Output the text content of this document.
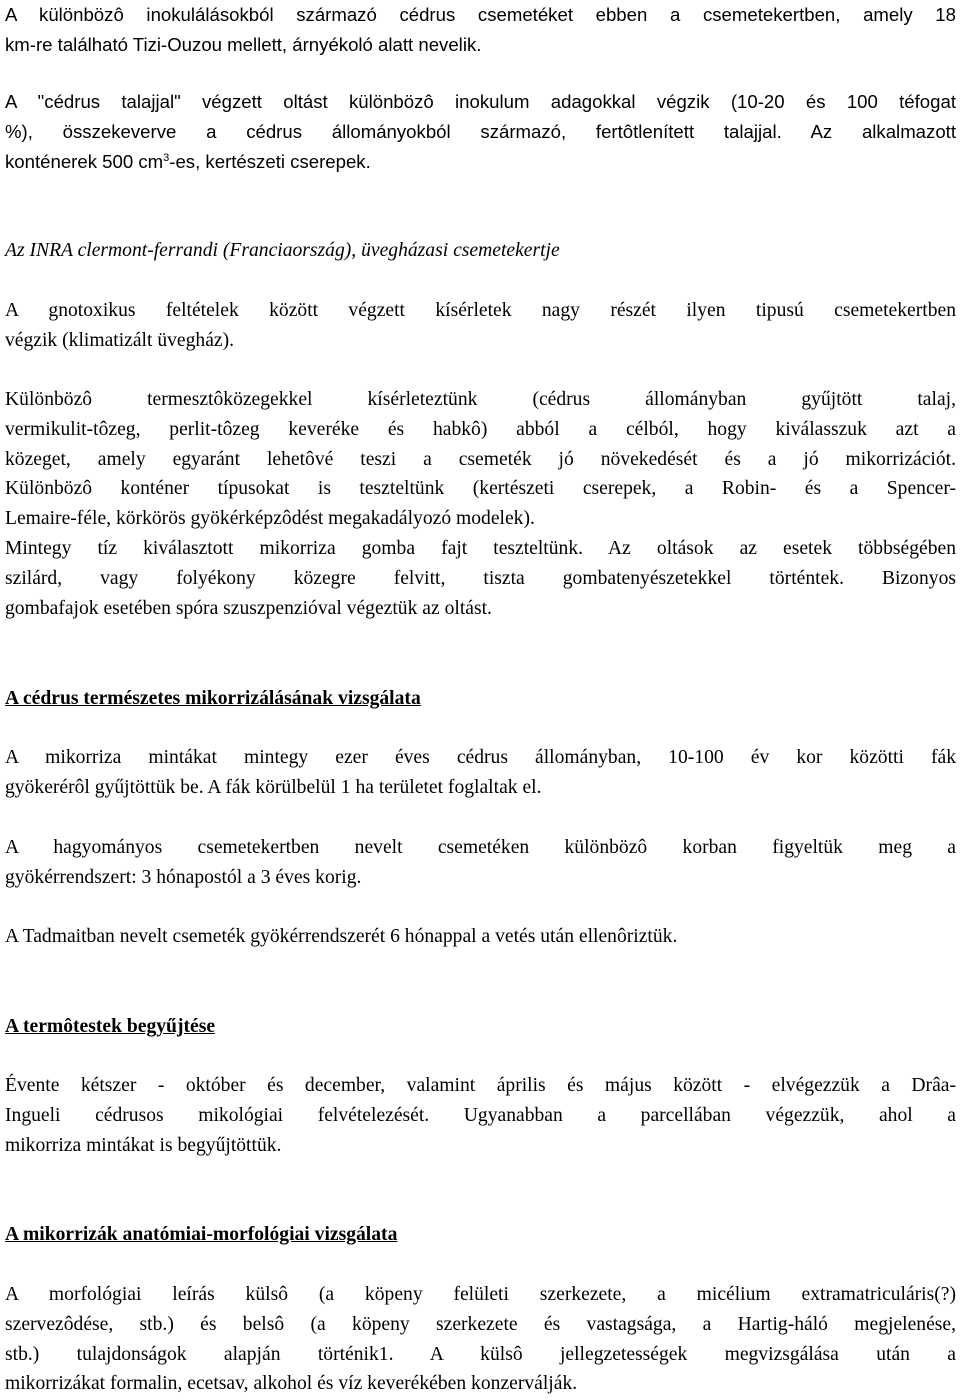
A különbözô inokulálásokból származó cédrus csemetéket ebben a csemetekertben, amely 18
km-re található Tizi-Ouzou mellett, árnyékoló alatt nevelik.

A "cédrus talajjal" végzett oltást különbözô inokulum adagokkal végzik (10-20 és 100 téfogat
%), összekeverve a cédrus állományokból származó, fertôtlenített talajjal. Az alkalmazott
konténerek 500 $cm^3-es$, kertészeti cserepek.

Az INRA clermont-ferrandi (Franciaország), üvegházasi csemetekertje

A gnotoxikus feltételek között végzett kísérletek nagy részét ilyen tipusú csemetekertben
végzik (klimatizált üvegház).

Különbözô termesztôközegekkel kísérleteztünk (cédrus állományban gyűjtött talaj,
vermikulit-tôzeg, perlit-tôzeg keveréke és habkô) abból a célból, hogy kiválasszuk azt a
közeget, amely egyaránt lehetôvé teszi a csemeték jó növekedését és a jó mikorrizációt.
Különbözô konténer típusokat is teszteltünk (kertészeti cserepek, a Robin- és a Spencer-
Lemaire-féle, körkörös gyökérképzôdést megakadályozó modelek).
Mintegy tíz kiválasztott mikorriza gomba fajt teszteltünk. Az oltások az esetek többségében
szilárd, vagy folyékony közegre felvitt, tiszta gombatenyészetekkel történtek. Bizonyos
gombafajok esetében spóra szuszpenzióval végeztük az oltást.

A cédrus természetes mikorrizálásának vizsgálata

A mikorriza mintákat mintegy ezer éves cédrus állományban, 10-100 év kor közötti fák
gyökerérôl gyűjtöttük be. A fák körülbelül 1 ha területet foglaltak el.

A hagyományos csemetekertben nevelt csemetéken különbözô korban figyeltük meg a
gyökérrendszert: 3 hónapostól a 3 éves korig.

A Tadmaitban nevelt csemeték gyökérrendszerét 6 hónappal a vetés után ellenôriztük.

A termôtestek begyűjtése

Évente kétszer - október és december, valamint április és május között - elvégezzük a Drâa-
Ingueli cédrusos mikológiai felvételezését. Ugyanabban a parcellában végezzük, ahol a
mikorriza mintákat is begyűjtöttük.

A mikorrizák anatómiai-morfológiai vizsgálata

A morfológiai leírás külsô (a köpeny felületi szerkezete, a micélium extramatriculáris(?)
szervezôdése, stb.) és belsô (a köpeny szerkezete és vastagsága, a Hartig-háló megjelenése,
stb.) tulajdonságok alapján történik1. A külsô jellegzetességek megvizsgálása után a
mikorrizákat formalin, ecetsav, alkohol és víz keverékében konzerválják.
